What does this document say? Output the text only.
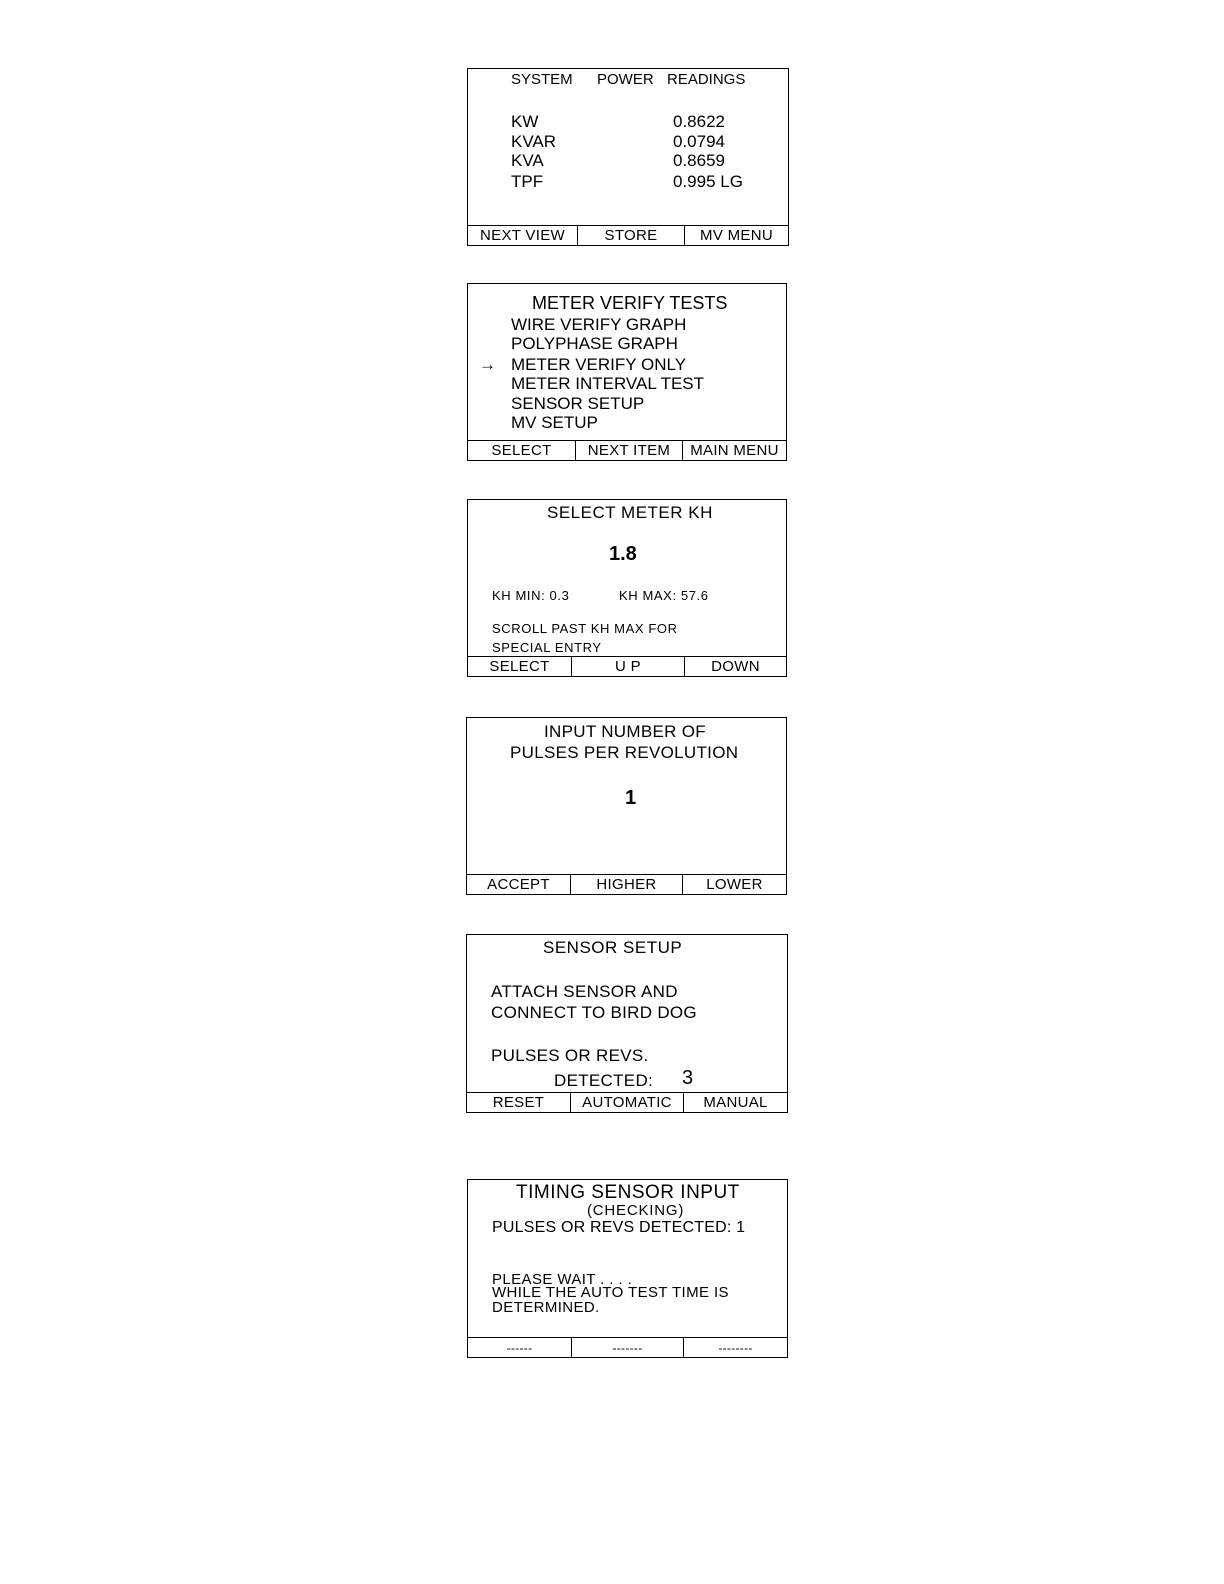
SYSTEM POWER READINGS
KW	0.8622
KVAR	0.0794
KVA	0.8659
TPF	0.995 LG
NEXT VIEW	STORE	MV MENU
METER VERIFY TESTS
WIRE VERIFY GRAPH
POLYPHASE GRAPH
→ METER VERIFY ONLY
METER INTERVAL TEST
SENSOR SETUP
MV SETUP
SELECT	NEXT ITEM	MAIN MENU
SELECT METER KH
1.8
KH MIN: 0.3	KH MAX: 57.6
SCROLL PAST KH MAX FOR
SPECIAL ENTRY
SELECT	U P	DOWN
INPUT NUMBER OF
PULSES PER REVOLUTION
1
ACCEPT	HIGHER	LOWER
SENSOR SETUP
ATTACH SENSOR AND
CONNECT TO BIRD DOG
PULSES OR REVS.
DETECTED: 3
RESET	AUTOMATIC	MANUAL
TIMING SENSOR INPUT
(CHECKING)
PULSES OR REVS DETECTED: 1
PLEASE WAIT . . . .
WHILE THE AUTO TEST TIME IS
DETERMINED.
------	-------	--------
